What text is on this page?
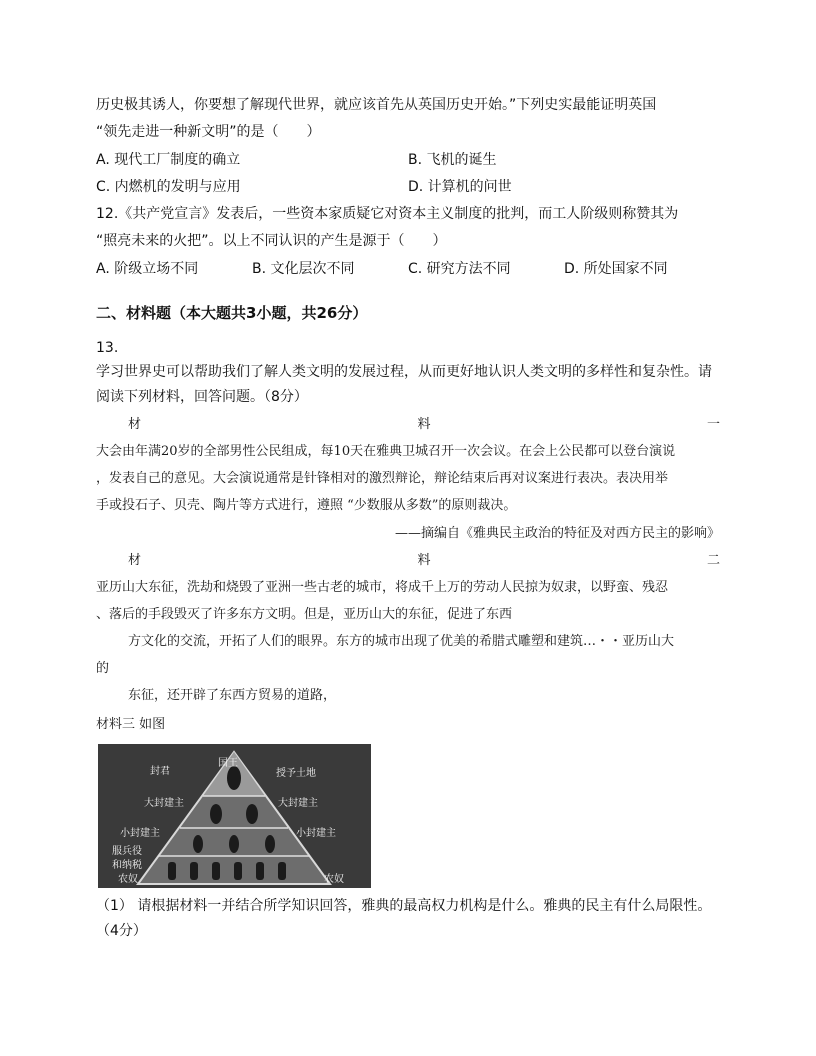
历史极其诱人，你要想了解现代世界，就应该首先从英国历史开始。”下列史实最能证明英国
“领先走进一种新文明”的是（　　）
A. 现代工厂制度的确立	B. 飞机的诞生
C. 内燃机的发明与应用	D. 计算机的问世
12.《共产党宣言》发表后，一些资本家质疑它对资本主义制度的批判，而工人阶级则称赞其为
“照亮未来的火把”。以上不同认识的产生是源于（　　）
A. 阶级立场不同	B. 文化层次不同	C. 研究方法不同	D. 所处国家不同
二、材料题（本大题共3小题，共26分）
13.
学习世界史可以帮助我们了解人类文明的发展过程，从而更好地认识人类文明的多样性和复杂性。请
阅读下列材料，回答问题。（8分）
材	料	一
大会由年满20岁的全部男性公民组成，每10天在雅典卫城召开一次会议。在会上公民都可以登台演说
，发表自己的意见。大会演说通常是针锋相对的激烈辩论，辩论结束后再对议案进行表决。表决用举
手或投石子、贝壳、陶片等方式进行，遵照 “少数服从多数”的原则裁决。
——摘编自《雅典民主政治的特征及对西方民主的影响》
材	料	二
亚历山大东征，洗劫和烧毁了亚洲一些古老的城市，将成千上万的劳动人民掠为奴隶，以野蛮、残忍
、落后的手段毁灭了许多东方文明。但是，亚历山大的东征，促进了东西
方文化的交流，开拓了人们的眼界。东方的城市出现了优美的希腊式雕塑和建筑…・・亚历山大
的
东征，还开辟了东西方贸易的道路，
材料三 如图
国王
封君	授予土地
大封建主	大封建主
小封建主	小封建主
服兵役
和纳税
农奴	农奴
（1） 请根据材料一并结合所学知识回答，雅典的最高权力机构是什么。雅典的民主有什么局限性。
（4分）
